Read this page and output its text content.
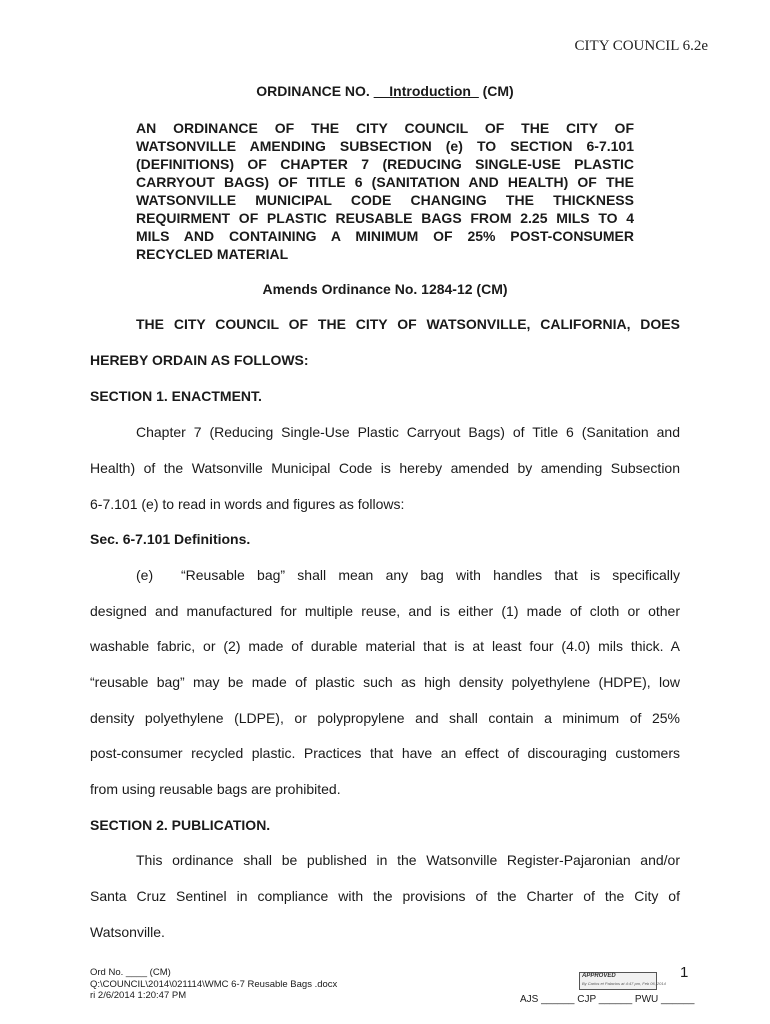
CITY COUNCIL 6.2e
ORDINANCE NO. __Introduction_ (CM)
AN ORDINANCE OF THE CITY COUNCIL OF THE CITY OF
WATSONVILLE AMENDING SUBSECTION (e) TO SECTION 6-7.101
(DEFINITIONS) OF CHAPTER 7 (REDUCING SINGLE-USE PLASTIC
CARRYOUT BAGS) OF TITLE 6 (SANITATION AND HEALTH) OF THE
WATSONVILLE MUNICIPAL CODE CHANGING THE THICKNESS
REQUIRMENT OF PLASTIC REUSABLE BAGS FROM 2.25 MILS TO 4
MILS AND CONTAINING A MINIMUM OF 25% POST-CONSUMER
RECYCLED MATERIAL
Amends Ordinance No. 1284-12 (CM)
THE CITY COUNCIL OF THE CITY OF WATSONVILLE, CALIFORNIA, DOES
HEREBY ORDAIN AS FOLLOWS:
SECTION 1. ENACTMENT.
Chapter 7 (Reducing Single-Use Plastic Carryout Bags) of Title 6 (Sanitation and
Health) of the Watsonville Municipal Code is hereby amended by amending Subsection
6-7.101 (e) to read in words and figures as follows:
Sec. 6-7.101 Definitions.
(e) “Reusable bag” shall mean any bag with handles that is specifically
designed and manufactured for multiple reuse, and is either (1) made of cloth or other
washable fabric, or (2) made of durable material that is at least four (4.0) mils thick. A
“reusable bag” may be made of plastic such as high density polyethylene (HDPE), low
density polyethylene (LDPE), or polypropylene and shall contain a minimum of 25%
post-consumer recycled plastic. Practices that have an effect of discouraging customers
from using reusable bags are prohibited.
SECTION 2. PUBLICATION.
This ordinance shall be published in the Watsonville Register-Pajaronian and/or
Santa Cruz Sentinel in compliance with the provisions of the Charter of the City of
Watsonville.
Ord No. ____ (CM)
Q:\COUNCIL\2014\021114\WMC 6-7 Reusable Bags .docx
ri 2/6/2014 1:20:47 PM
APPROVED
By Carlos et Palacios at 4:47 pm, Feb 06, 2014
1
AJS ______ CJP ______ PWU ______
